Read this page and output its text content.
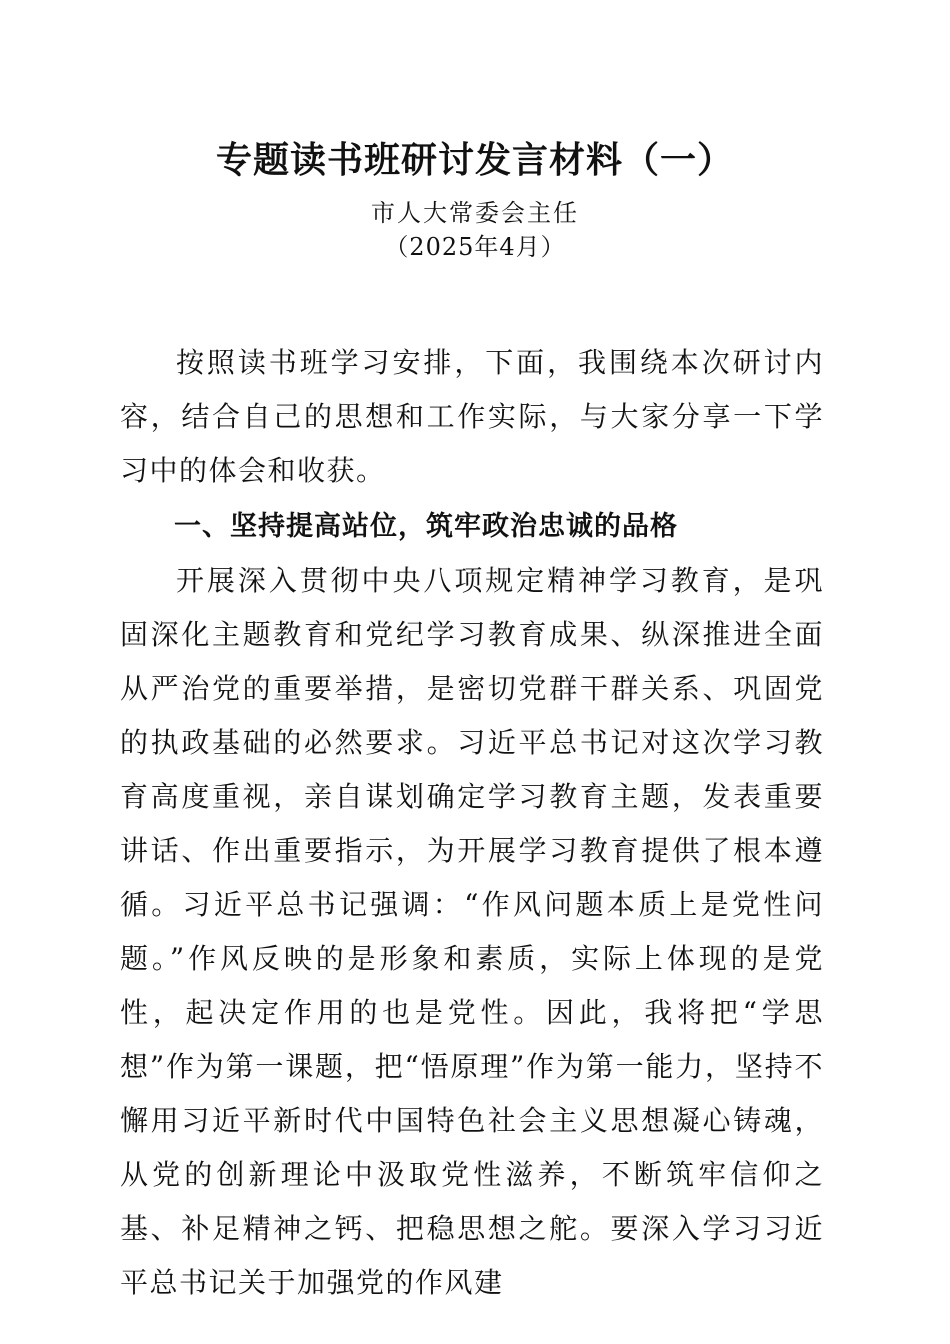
专题读书班研讨发言材料（一）
市人大常委会主任
（2025年4月）

按照读书班学习安排，下面，我围绕本次研讨内容，结合自己的思想和工作实际，与大家分享一下学习中的体会和收获。

一、坚持提高站位，筑牢政治忠诚的品格

开展深入贯彻中央八项规定精神学习教育，是巩固深化主题教育和党纪学习教育成果、纵深推进全面从严治党的重要举措，是密切党群干群关系、巩固党的执政基础的必然要求。习近平总书记对这次学习教育高度重视，亲自谋划确定学习教育主题，发表重要讲话、作出重要指示，为开展学习教育提供了根本遵循。习近平总书记强调：“作风问题本质上是党性问题。”作风反映的是形象和素质，实际上体现的是党性，起决定作用的也是党性。因此，我将把“学思想”作为第一课题，把“悟原理”作为第一能力，坚持不懈用习近平新时代中国特色社会主义思想凝心铸魂，从党的创新理论中汲取党性滋养，不断筑牢信仰之基、补足精神之钙、把稳思想之舵。要深入学习习近平总书记关于加强党的作风建
